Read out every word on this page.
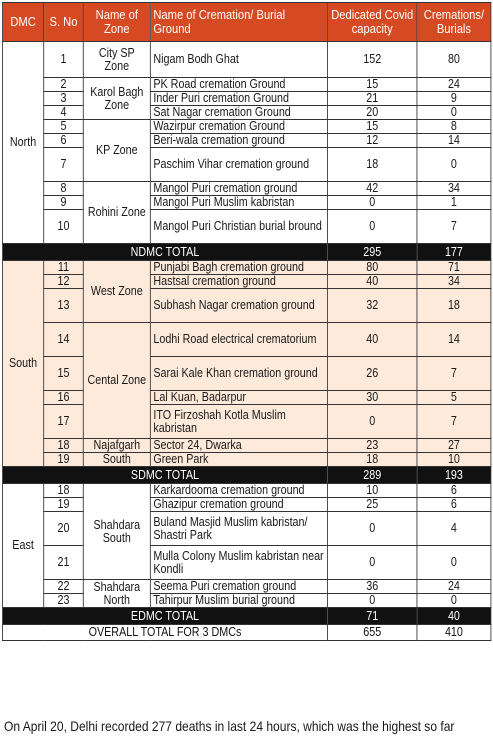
DMC	S. No	Name of Zone	Name of Cremation/ Burial Ground	Dedicated Covid capacity	Cremations/ Burials
North	1	City SP Zone	Nigam Bodh Ghat	152	80
	2	Karol Bagh Zone	PK Road cremation Ground	15	24
	3		Inder Puri cremation Ground	21	9
	4		Sat Nagar cremation Ground	20	0
	5	KP Zone	Wazirpur cremation Ground	15	8
	6		Beri-wala cremation ground	12	14
	7		Paschim Vihar cremation ground	18	0
	8	Rohini Zone	Mangol Puri cremation ground	42	34
	9		Mangol Puri Muslim kabristan	0	1
	10		Mangol Puri Christian burial bround	0	7
NDMC TOTAL				295	177
South	11	West Zone	Punjabi Bagh cremation ground	80	71
	12		Hastsal cremation ground	40	34
	13		Subhash Nagar cremation ground	32	18
	14	Cental Zone	Lodhi Road electrical crematorium	40	14
	15		Sarai Kale Khan cremation ground	26	7
	16		Lal Kuan, Badarpur	30	5
	17		ITO Firzoshah Kotla Muslim kabristan	0	7
	18	Najafgarh	Sector 24, Dwarka	23	27
	19	South	Green Park	18	10
SDMC TOTAL				289	193
East	18	Shahdara South	Karkardooma cremation ground	10	6
	19		Ghazipur cremation ground	25	6
	20		Buland Masjid Muslim kabristan/ Shastri Park	0	4
	21		Mulla Colony Muslim kabristan near Kondli	0	0
	22	Shahdara North	Seema Puri cremation ground	36	24
	23		Tahirpur Muslim burial ground	0	0
EDMC TOTAL				71	40
OVERALL TOTAL FOR 3 DMCs				655	410
On April 20, Delhi recorded 277 deaths in last 24 hours, which was the highest so far
